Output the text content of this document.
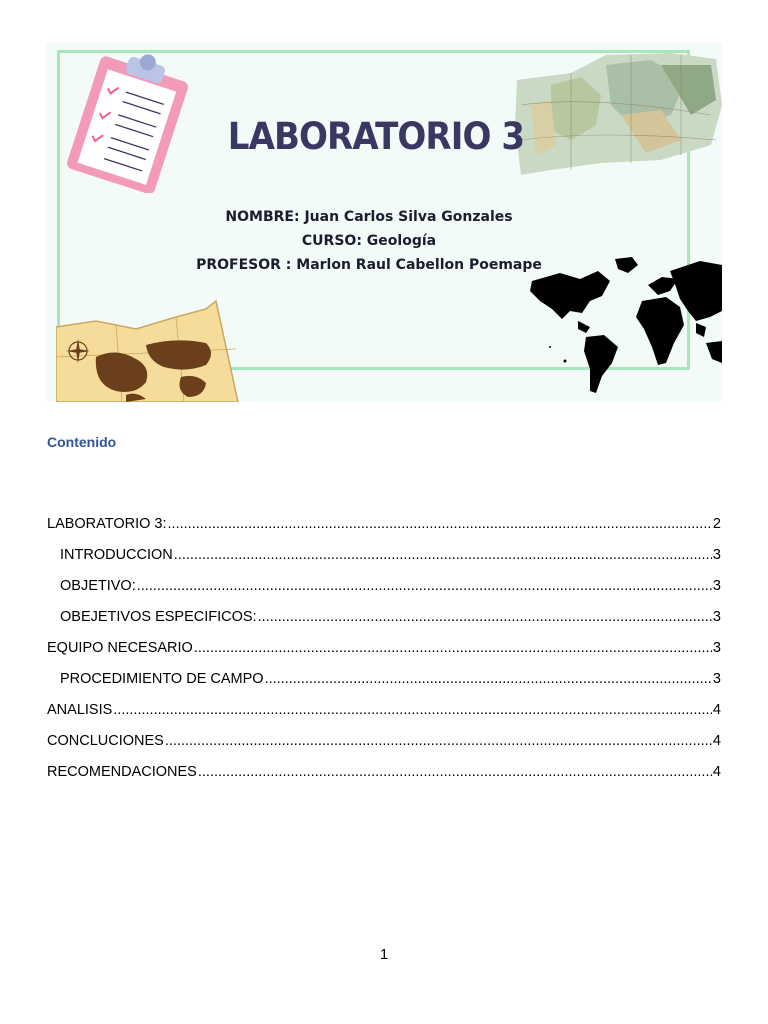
LABORATORIO 3
NOMBRE: Juan Carlos Silva Gonzales
CURSO: Geología
PROFESOR : Marlon Raul Cabellon Poemape
Contenido
LABORATORIO 3: .....	2
INTRODUCCION .....	3
OBJETIVO: .....	3
OBEJETIVOS ESPECIFICOS: .....	3
EQUIPO NECESARIO .....	3
PROCEDIMIENTO DE CAMPO .....	3
ANALISIS .....	4
CONCLUCIONES .....	4
RECOMENDACIONES .....	4
1
